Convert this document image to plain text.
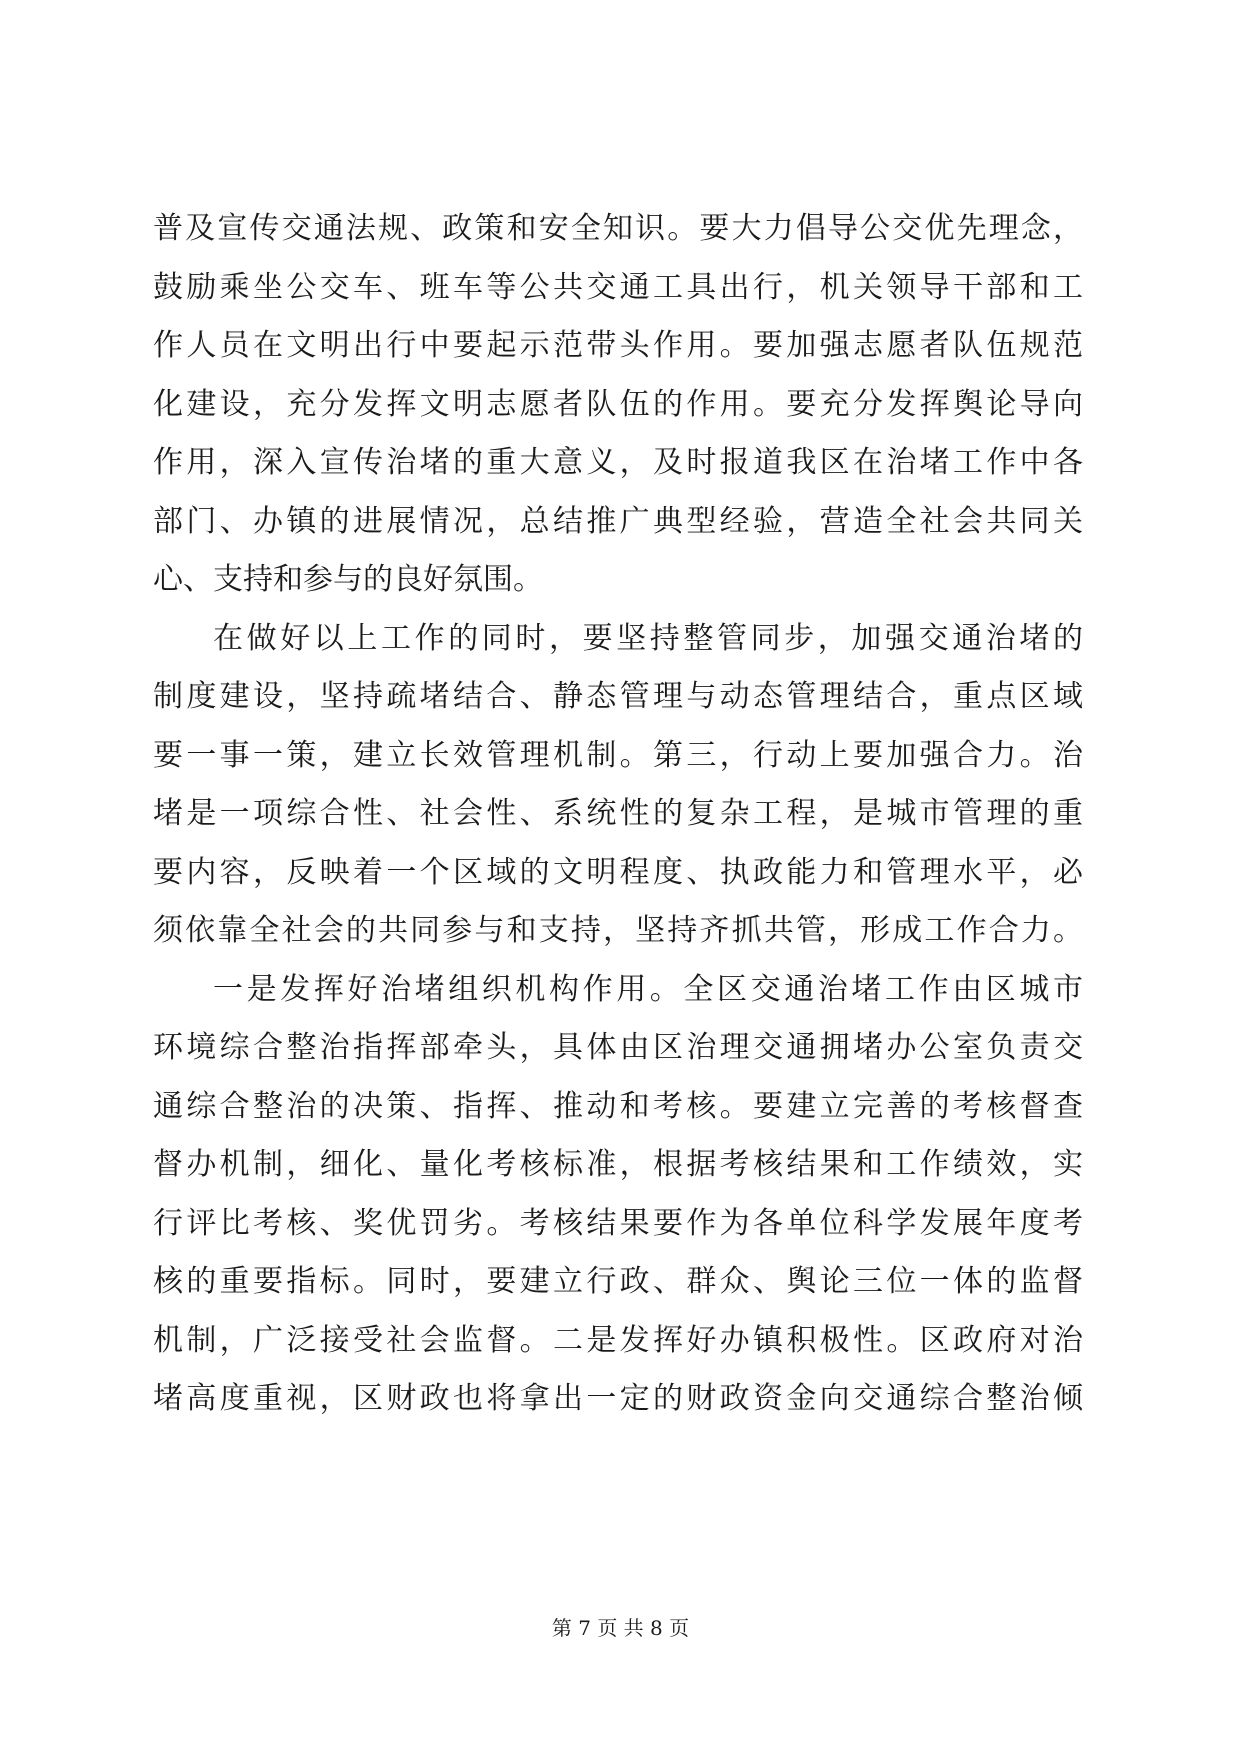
普及宣传交通法规、政策和安全知识。要大力倡导公交优先理念，
鼓励乘坐公交车、班车等公共交通工具出行，机关领导干部和工
作人员在文明出行中要起示范带头作用。要加强志愿者队伍规范
化建设，充分发挥文明志愿者队伍的作用。要充分发挥舆论导向
作用，深入宣传治堵的重大意义，及时报道我区在治堵工作中各
部门、办镇的进展情况，总结推广典型经验，营造全社会共同关
心、支持和参与的良好氛围。
在做好以上工作的同时，要坚持整管同步，加强交通治堵的
制度建设，坚持疏堵结合、静态管理与动态管理结合，重点区域
要一事一策，建立长效管理机制。第三，行动上要加强合力。治
堵是一项综合性、社会性、系统性的复杂工程，是城市管理的重
要内容，反映着一个区域的文明程度、执政能力和管理水平，必
须依靠全社会的共同参与和支持，坚持齐抓共管，形成工作合力。
一是发挥好治堵组织机构作用。全区交通治堵工作由区城市
环境综合整治指挥部牵头，具体由区治理交通拥堵办公室负责交
通综合整治的决策、指挥、推动和考核。要建立完善的考核督查
督办机制，细化、量化考核标准，根据考核结果和工作绩效，实
行评比考核、奖优罚劣。考核结果要作为各单位科学发展年度考
核的重要指标。同时，要建立行政、群众、舆论三位一体的监督
机制，广泛接受社会监督。二是发挥好办镇积极性。区政府对治
堵高度重视，区财政也将拿出一定的财政资金向交通综合整治倾
第 7 页 共 8 页
